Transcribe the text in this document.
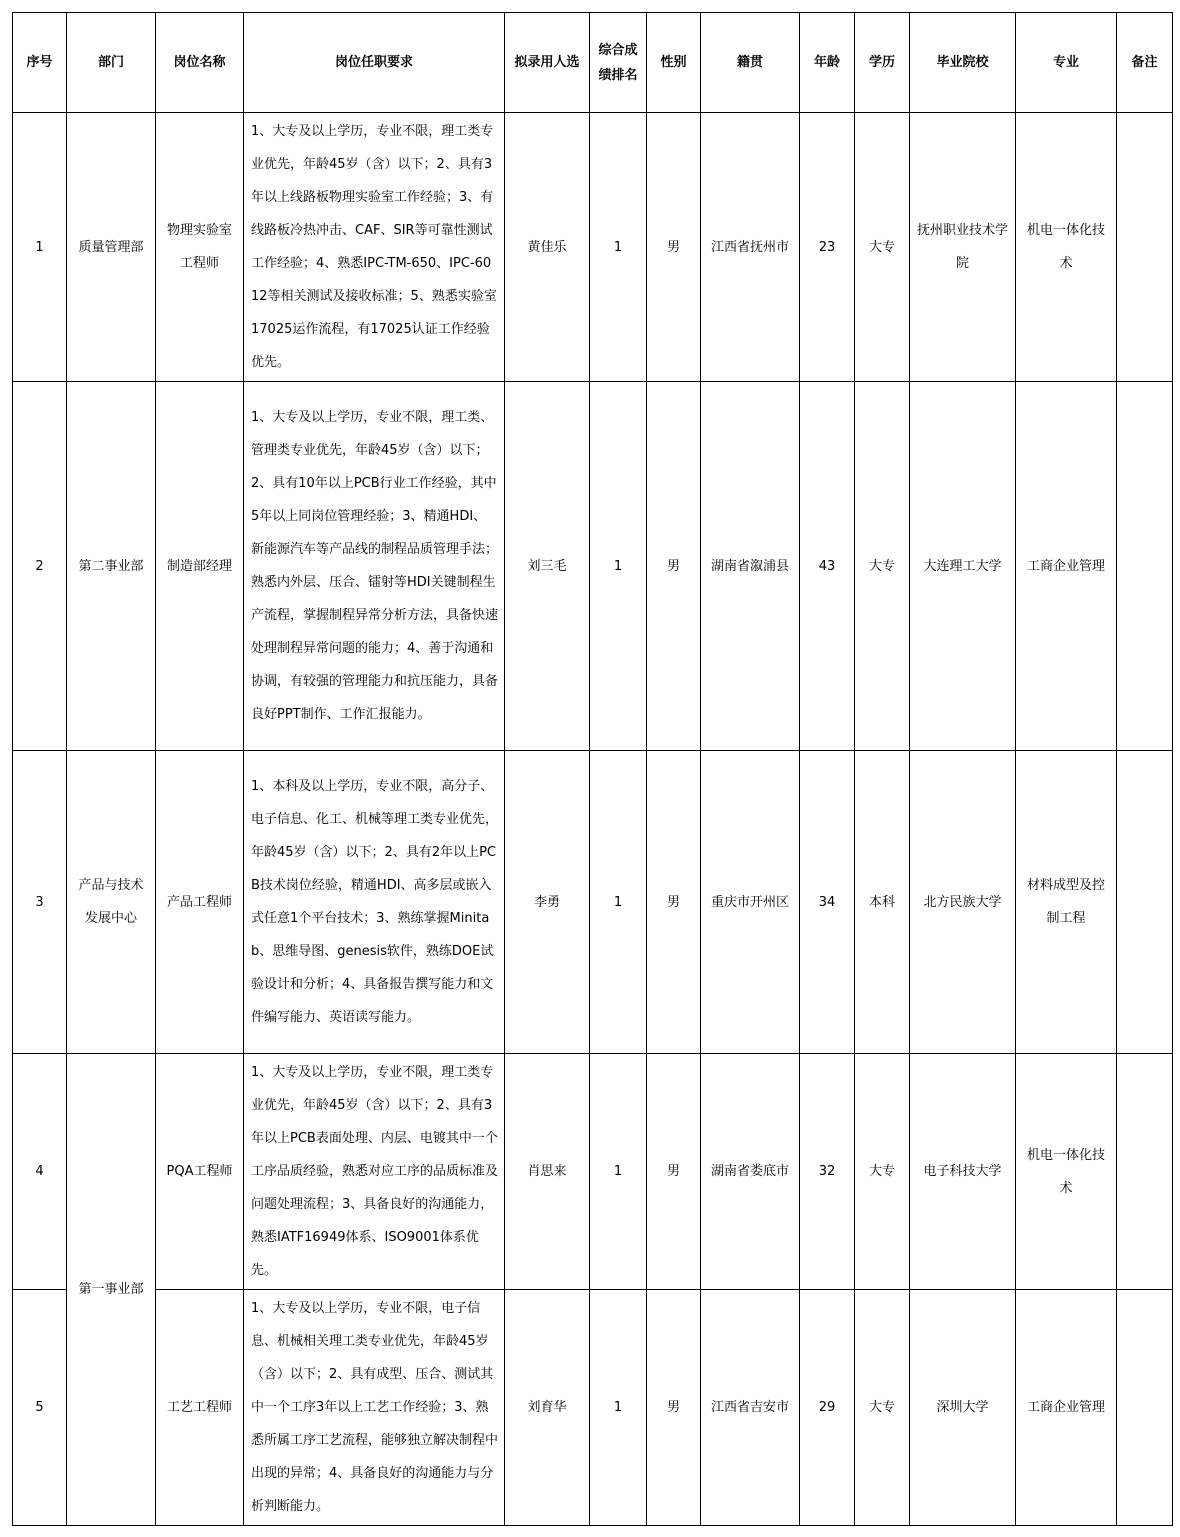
序号	部门	岗位名称	岗位任职要求	拟录用人选	综合成绩排名	性别	籍贯	年龄	学历	毕业院校	专业	备注
1	质量管理部	物理实验室工程师	1、大专及以上学历，专业不限，理工类专业优先，年龄45岁（含）以下；2、具有3年以上线路板物理实验室工作经验；3、有线路板冷热冲击、CAF、SIR等可靠性测试工作经验；4、熟悉IPC-TM-650、IPC-6012等相关测试及接收标准；5、熟悉实验室17025运作流程，有17025认证工作经验优先。	黄佳乐	1	男	江西省抚州市	23	大专	抚州职业技术学院	机电一体化技术	
2	第二事业部	制造部经理	1、大专及以上学历，专业不限，理工类、管理类专业优先，年龄45岁（含）以下；2、具有10年以上PCB行业工作经验，其中5年以上同岗位管理经验；3、精通HDI、新能源汽车等产品线的制程品质管理手法；熟悉内外层、压合、镭射等HDI关键制程生产流程，掌握制程异常分析方法，具备快速处理制程异常问题的能力；4、善于沟通和协调，有较强的管理能力和抗压能力，具备良好PPT制作、工作汇报能力。	刘三毛	1	男	湖南省溆浦县	43	大专	大连理工大学	工商企业管理	
3	产品与技术发展中心	产品工程师	1、本科及以上学历，专业不限，高分子、电子信息、化工、机械等理工类专业优先，年龄45岁（含）以下；2、具有2年以上PCB技术岗位经验，精通HDI、高多层或嵌入式任意1个平台技术；3、熟练掌握Minitab、思维导图、genesis软件，熟练DOE试验设计和分析；4、具备报告撰写能力和文件编写能力、英语读写能力。	李勇	1	男	重庆市开州区	34	本科	北方民族大学	材料成型及控制工程	
4	第一事业部	PQA工程师	1、大专及以上学历，专业不限，理工类专业优先，年龄45岁（含）以下；2、具有3年以上PCB表面处理、内层、电镀其中一个工序品质经验，熟悉对应工序的品质标准及问题处理流程；3、具备良好的沟通能力，熟悉IATF16949体系、ISO9001体系优先。	肖思来	1	男	湖南省娄底市	32	大专	电子科技大学	机电一体化技术	
5		工艺工程师	1、大专及以上学历，专业不限，电子信息、机械相关理工类专业优先，年龄45岁（含）以下；2、具有成型、压合、测试其中一个工序3年以上工艺工作经验；3、熟悉所属工序工艺流程，能够独立解决制程中出现的异常；4、具备良好的沟通能力与分析判断能力。	刘育华	1	男	江西省吉安市	29	大专	深圳大学	工商企业管理	
